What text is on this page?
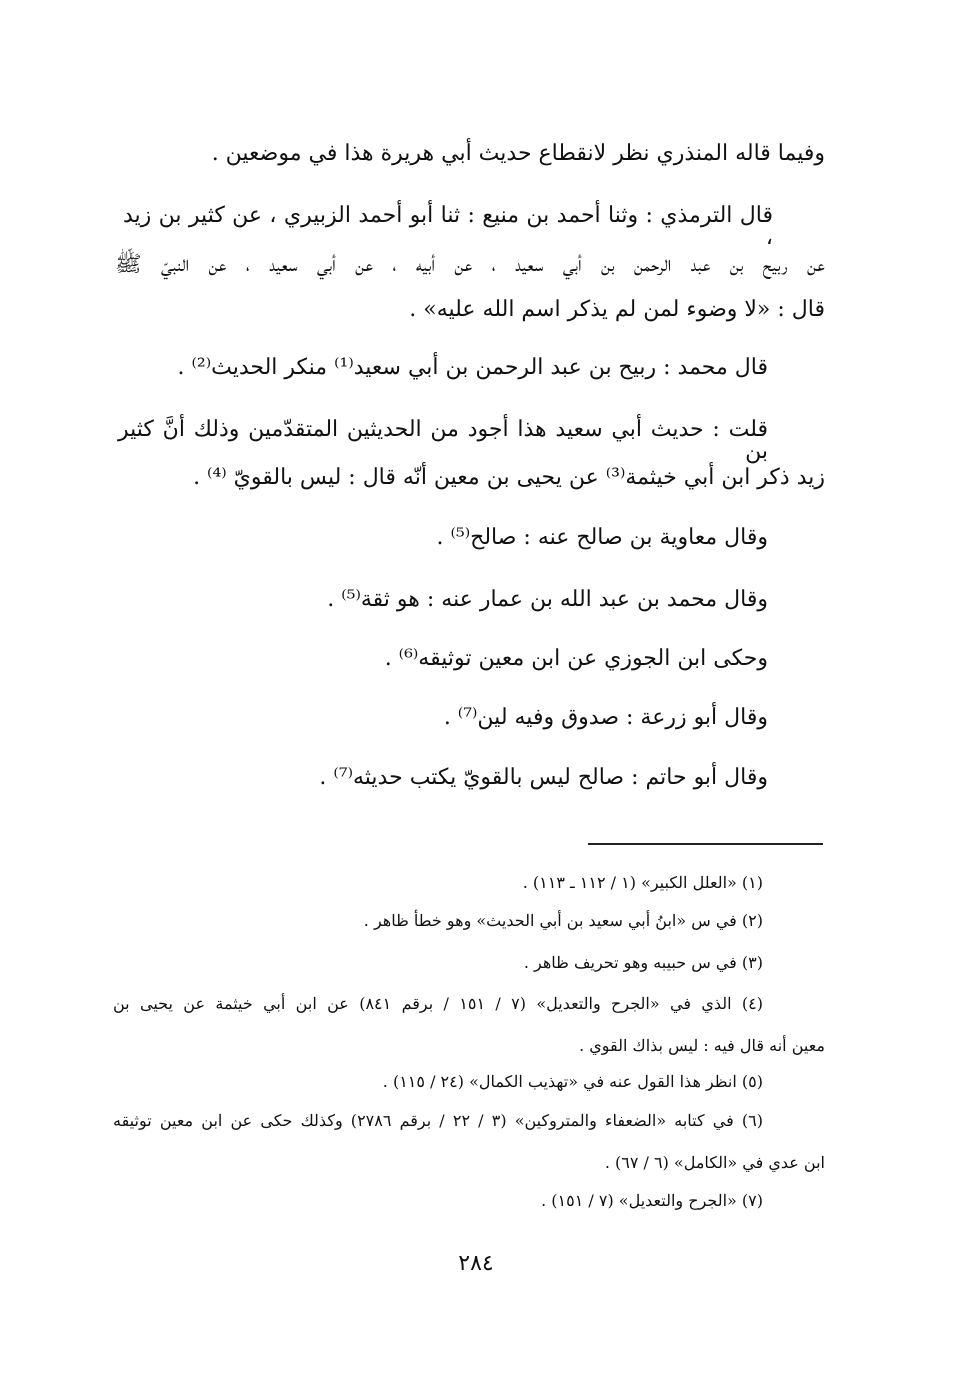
وفيما قاله المنذري نظر لانقطاع حديث أبي هريرة هذا في موضعين .
قال الترمذي : وثنا أحمد بن منيع : ثنا أبو أحمد الزبيري ، عن كثير بن زيد ،
عن ربيح بن عبد الرحمن بن أبي سعيد ، عن أبيه ، عن أبي سعيد ، عن النبيّ ﷺ
قال : «لا وضوء لمن لم يذكر اسم الله عليه» .
قال محمد : ربيح بن عبد الرحمن بن أبي سعيد⁽¹⁾ منكر الحديث⁽²⁾ .
قلت : حديث أبي سعيد هذا أجود من الحديثين المتقدّمين وذلك أنَّ كثير بن
زيد ذكر ابن أبي خيثمة⁽³⁾ عن يحيى بن معين أنّه قال : ليس بالقويّ ⁽⁴⁾ .
وقال معاوية بن صالح عنه : صالح⁽⁵⁾ .
وقال محمد بن عبد الله بن عمار عنه : هو ثقة⁽⁵⁾ .
وحكى ابن الجوزي عن ابن معين توثيقه⁽⁶⁾ .
وقال أبو زرعة : صدوق وفيه لين⁽⁷⁾ .
وقال أبو حاتم : صالح ليس بالقويّ يكتب حديثه⁽⁷⁾ .
(١) «العلل الكبير» (١ / ١١٢ ـ ١١٣) .
(٢) في س «ابنُ أبي سعيد بن أبي الحديث» وهو خطأ ظاهر .
(٣) في س حبيبه وهو تحريف ظاهر .
(٤) الذي في «الجرح والتعديل» (٧ / ١٥١ / برقم ٨٤١) عن ابن أبي خيثمة عن يحيى بن
معين أنه قال فيه : ليس بذاك القوي .
(٥) انظر هذا القول عنه في «تهذيب الكمال» (٢٤ / ١١٥) .
(٦) في كتابه «الضعفاء والمتروكين» (٣ / ٢٢ / برقم ٢٧٨٦) وكذلك حكى عن ابن معين توثيقه
ابن عدي في «الكامل» (٦ / ٦٧) .
(٧) «الجرح والتعديل» (٧ / ١٥١) .
٢٨٤
